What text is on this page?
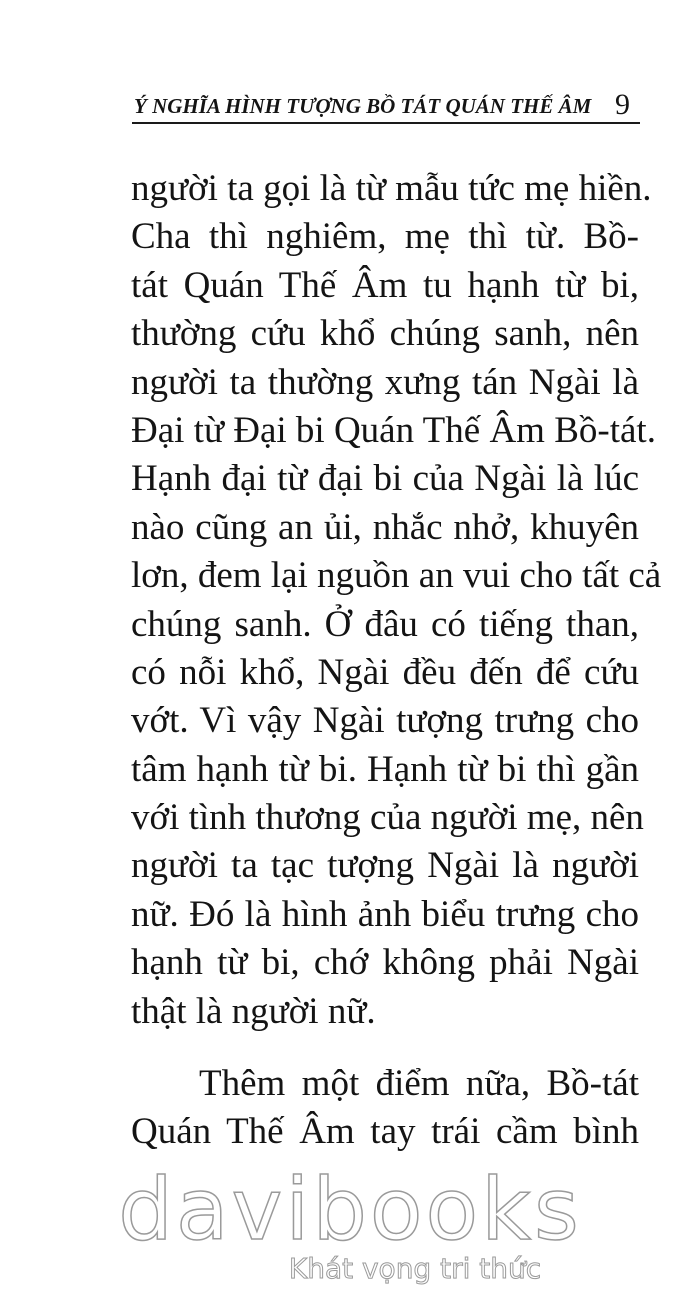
Ý NGHĨA HÌNH TƯỢNG BỒ TÁT QUÁN THẾ ÂM 9
người ta gọi là từ mẫu tức mẹ hiền.
Cha thì nghiêm, mẹ thì từ. Bồ-
tát Quán Thế Âm tu hạnh từ bi,
thường cứu khổ chúng sanh, nên
người ta thường xưng tán Ngài là
Đại từ Đại bi Quán Thế Âm Bồ-tát.
Hạnh đại từ đại bi của Ngài là lúc
nào cũng an ủi, nhắc nhở, khuyên
lơn, đem lại nguồn an vui cho tất cả
chúng sanh. Ở đâu có tiếng than,
có nỗi khổ, Ngài đều đến để cứu
vớt. Vì vậy Ngài tượng trưng cho
tâm hạnh từ bi. Hạnh từ bi thì gần
với tình thương của người mẹ, nên
người ta tạc tượng Ngài là người
nữ. Đó là hình ảnh biểu trưng cho
hạnh từ bi, chớ không phải Ngài
thật là người nữ.
Thêm một điểm nữa, Bồ-tát
Quán Thế Âm tay trái cầm bình
davibooks
Khát vọng tri thức
